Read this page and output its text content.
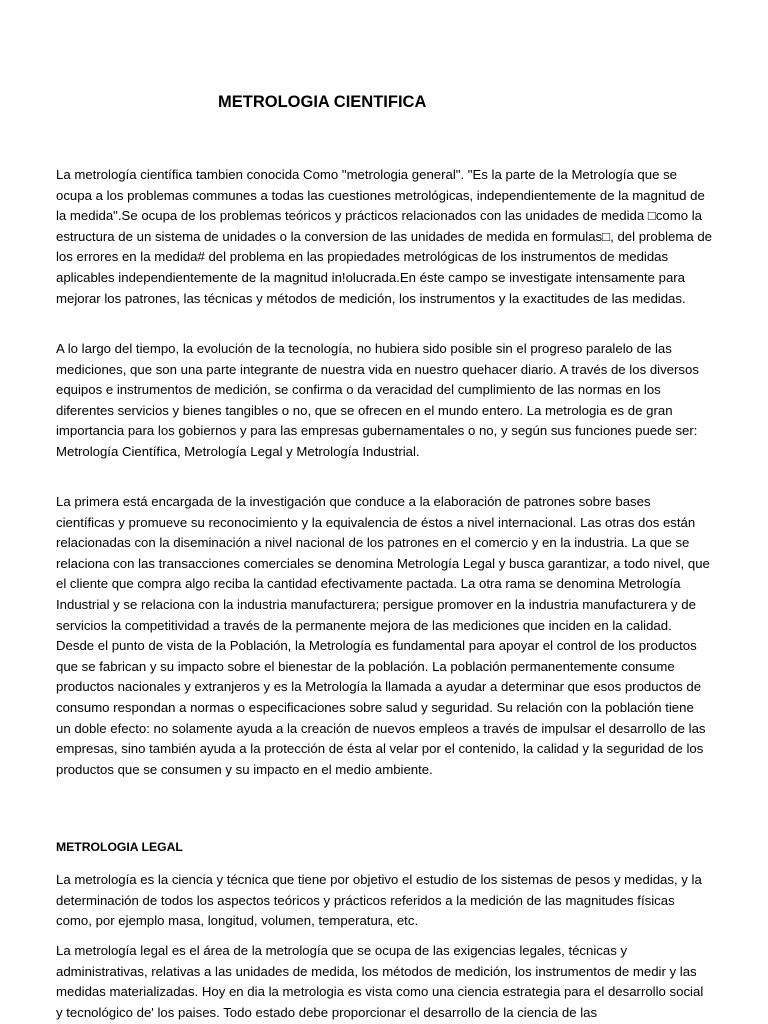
METROLOGIA CIENTIFICA

La metrología científica tambien conocida Como "metrologia general". "Es la parte de la Metrología que se ocupa a los problemas communes a todas las cuestiones metrológicas, independientemente de la magnitud de la medida".Se ocupa de los problemas teóricos y prácticos relacionados con las unidades de medida □como la estructura de un sistema de unidades o la conversion de las unidades de medida en formulas□, del problema de los errores en la medida# del problema en las propiedades metrológicas de los instrumentos de medidas aplicables independientemente de la magnitud in!olucrada.En éste campo se investigate intensamente para mejorar los patrones, las técnicas y métodos de medición, los instrumentos y la exactitudes de las medidas.

A lo largo del tiempo, la evolución de la tecnología, no hubiera sido posible sin el progreso paralelo de las mediciones, que son una parte integrante de nuestra vida en nuestro quehacer diario. A través de los diversos equipos e instrumentos de medición, se confirma o da veracidad del cumplimiento de las normas en los diferentes servicios y bienes tangibles o no, que se ofrecen en el mundo entero. La metrologia es de gran importancia para los gobiernos y para las empresas gubernamentales o no, y según sus funciones puede ser: Metrología Científica, Metrología Legal y Metrología Industrial.

La primera está encargada de la investigación que conduce a la elaboración de patrones sobre bases científicas y promueve su reconocimiento y la equivalencia de éstos a nivel internacional. Las otras dos están relacionadas con la diseminación a nivel nacional de los patrones en el comercio y en la industria. La que se relaciona con las transacciones comerciales se denomina Metrología Legal y busca garantizar, a todo nivel, que el cliente que compra algo reciba la cantidad efectivamente pactada. La otra rama se denomina Metrología Industrial y se relaciona con la industria manufacturera; persigue promover en la industria manufacturera y de servicios la competitividad a través de la permanente mejora de las mediciones que inciden en la calidad. Desde el punto de vista de la Población, la Metrología es fundamental para apoyar el control de los productos que se fabrican y su impacto sobre el bienestar de la población. La población permanentemente consume productos nacionales y extranjeros y es la Metrología la llamada a ayudar a determinar que esos productos de consumo respondan a normas o especificaciones sobre salud y seguridad. Su relación con la población tiene un doble efecto: no solamente ayuda a la creación de nuevos empleos a través de impulsar el desarrollo de las empresas, sino también ayuda a la protección de ésta al velar por el contenido, la calidad y la seguridad de los productos que se consumen y su impacto en el medio ambiente.

METROLOGIA LEGAL

La metrología es la ciencia y técnica que tiene por objetivo el estudio de los sistemas de pesos y medidas, y la determinación de todos los aspectos teóricos y prácticos referidos a la medición de las magnitudes físicas como, por ejemplo masa, longitud, volumen, temperatura, etc.

La metrología legal es el área de la metrología que se ocupa de las exigencias legales, técnicas y administrativas, relativas a las unidades de medida, los métodos de medición, los instrumentos de medir y las medidas materializadas. Hoy en dia la metrologia es vista como una ciencia estrategia para el desarrollo social y tecnológico de' los paises. Todo estado debe proporcionar el desarrollo de la ciencia de las
